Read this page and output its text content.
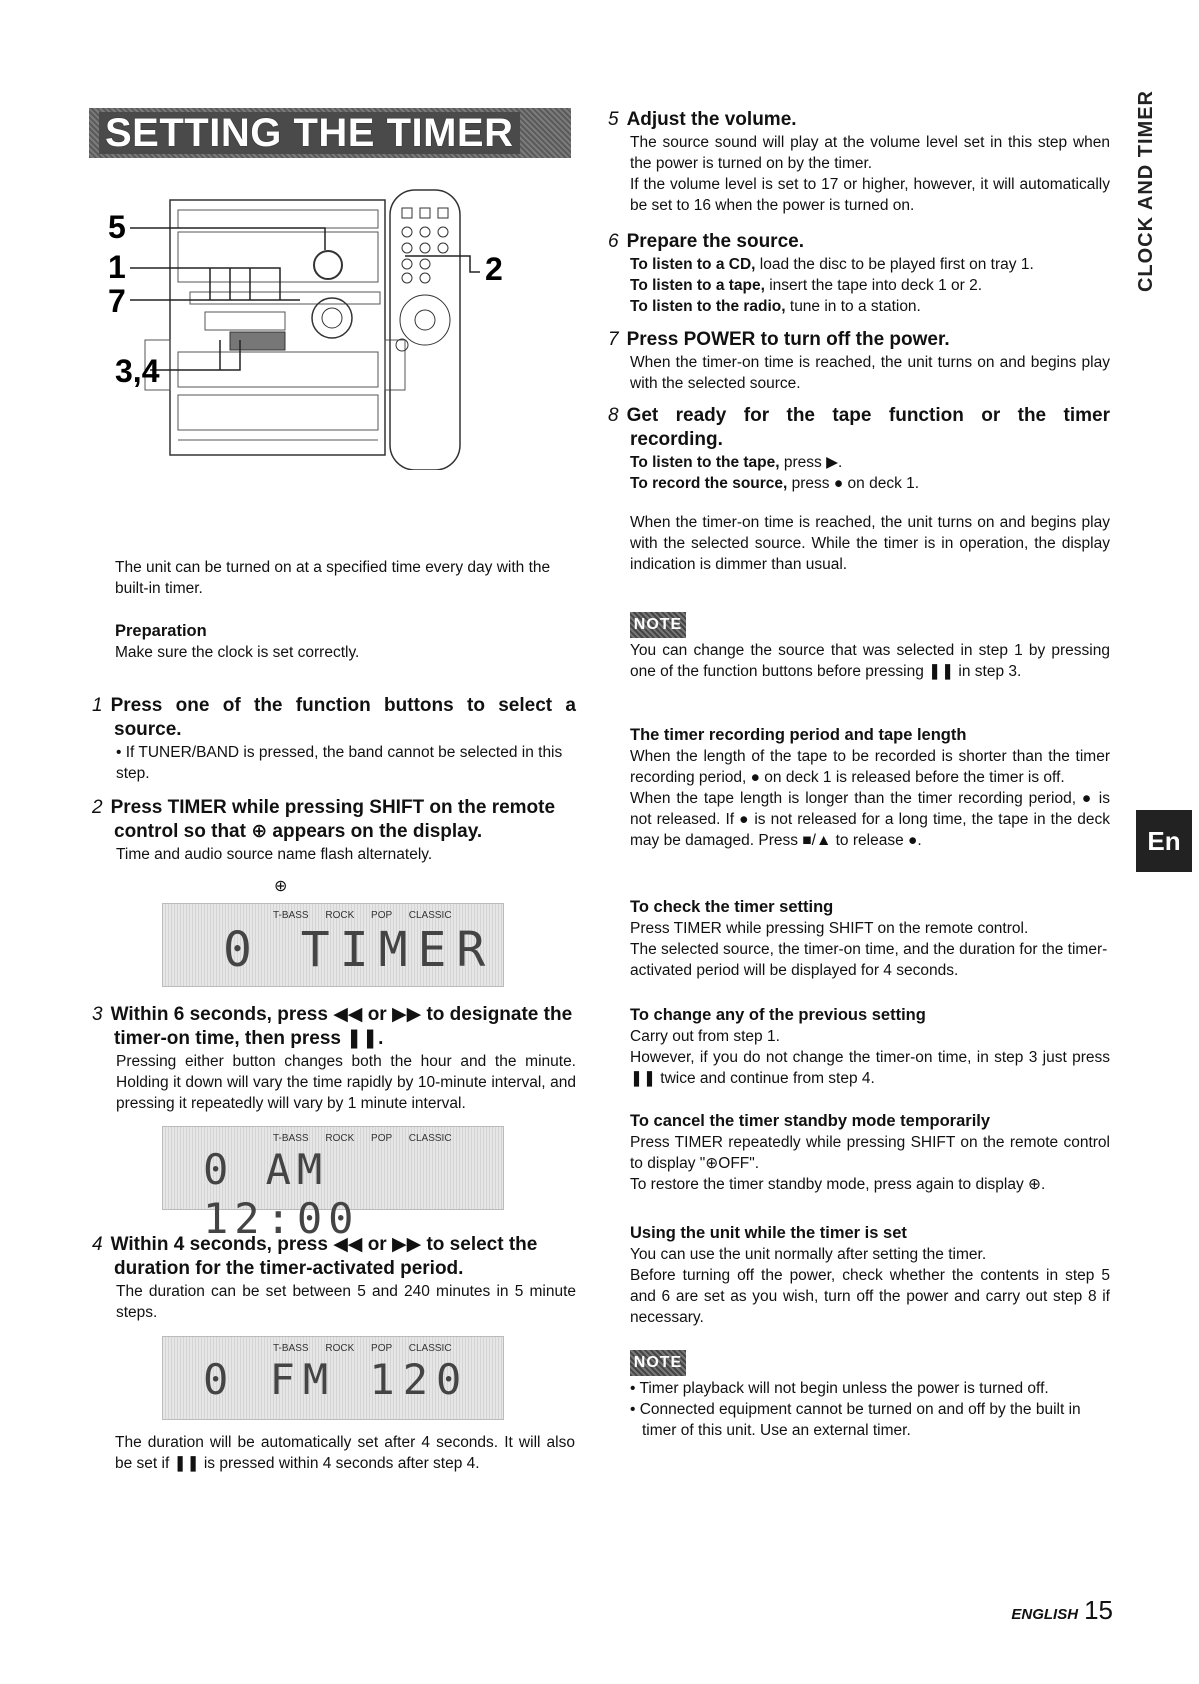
SETTING THE TIMER
5
1
7
3,4
2
The unit can be turned on at a specified time every day with the built-in timer.
Preparation
Make sure the clock is set correctly.
1 Press one of the function buttons to select a source.
• If TUNER/BAND is pressed, the band cannot be selected in this step.
2 Press TIMER while pressing SHIFT on the remote control so that ⊕ appears on the display.
Time and audio source name flash alternately.
⊕
T-BASS ROCK POP CLASSIC
0 TIMER
3 Within 6 seconds, press ◀◀ or ▶▶ to designate the timer-on time, then press ❚❚.
Pressing either button changes both the hour and the minute. Holding it down will vary the time rapidly by 10-minute interval, and pressing it repeatedly will vary by 1 minute interval.
T-BASS ROCK POP CLASSIC
0 AM 12:00
4 Within 4 seconds, press ◀◀ or ▶▶ to select the duration for the timer-activated period.
The duration can be set between 5 and 240 minutes in 5 minute steps.
T-BASS ROCK POP CLASSIC
0 FM 120
The duration will be automatically set after 4 seconds. It will also be set if ❚❚ is pressed within 4 seconds after step 4.
5 Adjust the volume.
The source sound will play at the volume level set in this step when the power is turned on by the timer.
If the volume level is set to 17 or higher, however, it will automatically be set to 16 when the power is turned on.
6 Prepare the source.
To listen to a CD, load the disc to be played first on tray 1.
To listen to a tape, insert the tape into deck 1 or 2.
To listen to the radio, tune in to a station.
7 Press POWER to turn off the power.
When the timer-on time is reached, the unit turns on and begins play with the selected source.
8 Get ready for the tape function or the timer recording.
To listen to the tape, press ▶.
To record the source, press ● on deck 1.
When the timer-on time is reached, the unit turns on and begins play with the selected source. While the timer is in operation, the display indication is dimmer than usual.
NOTE
You can change the source that was selected in step 1 by pressing one of the function buttons before pressing ❚❚ in step 3.
The timer recording period and tape length
When the length of the tape to be recorded is shorter than the timer recording period, ● on deck 1 is released before the timer is off.
When the tape length is longer than the timer recording period, ● is not released. If ● is not released for a long time, the tape in the deck may be damaged. Press ■/▲ to release ●.
To check the timer setting
Press TIMER while pressing SHIFT on the remote control.
The selected source, the timer-on time, and the duration for the timer-activated period will be displayed for 4 seconds.
To change any of the previous setting
Carry out from step 1.
However, if you do not change the timer-on time, in step 3 just press ❚❚ twice and continue from step 4.
To cancel the timer standby mode temporarily
Press TIMER repeatedly while pressing SHIFT on the remote control to display "⊕OFF".
To restore the timer standby mode, press again to display ⊕.
Using the unit while the timer is set
You can use the unit normally after setting the timer.
Before turning off the power, check whether the contents in step 5 and 6 are set as you wish, turn off the power and carry out step 8 if necessary.
NOTE
• Timer playback will not begin unless the power is turned off.
• Connected equipment cannot be turned on and off by the built in timer of this unit. Use an external timer.
CLOCK AND TIMER
En
ENGLISH 15
